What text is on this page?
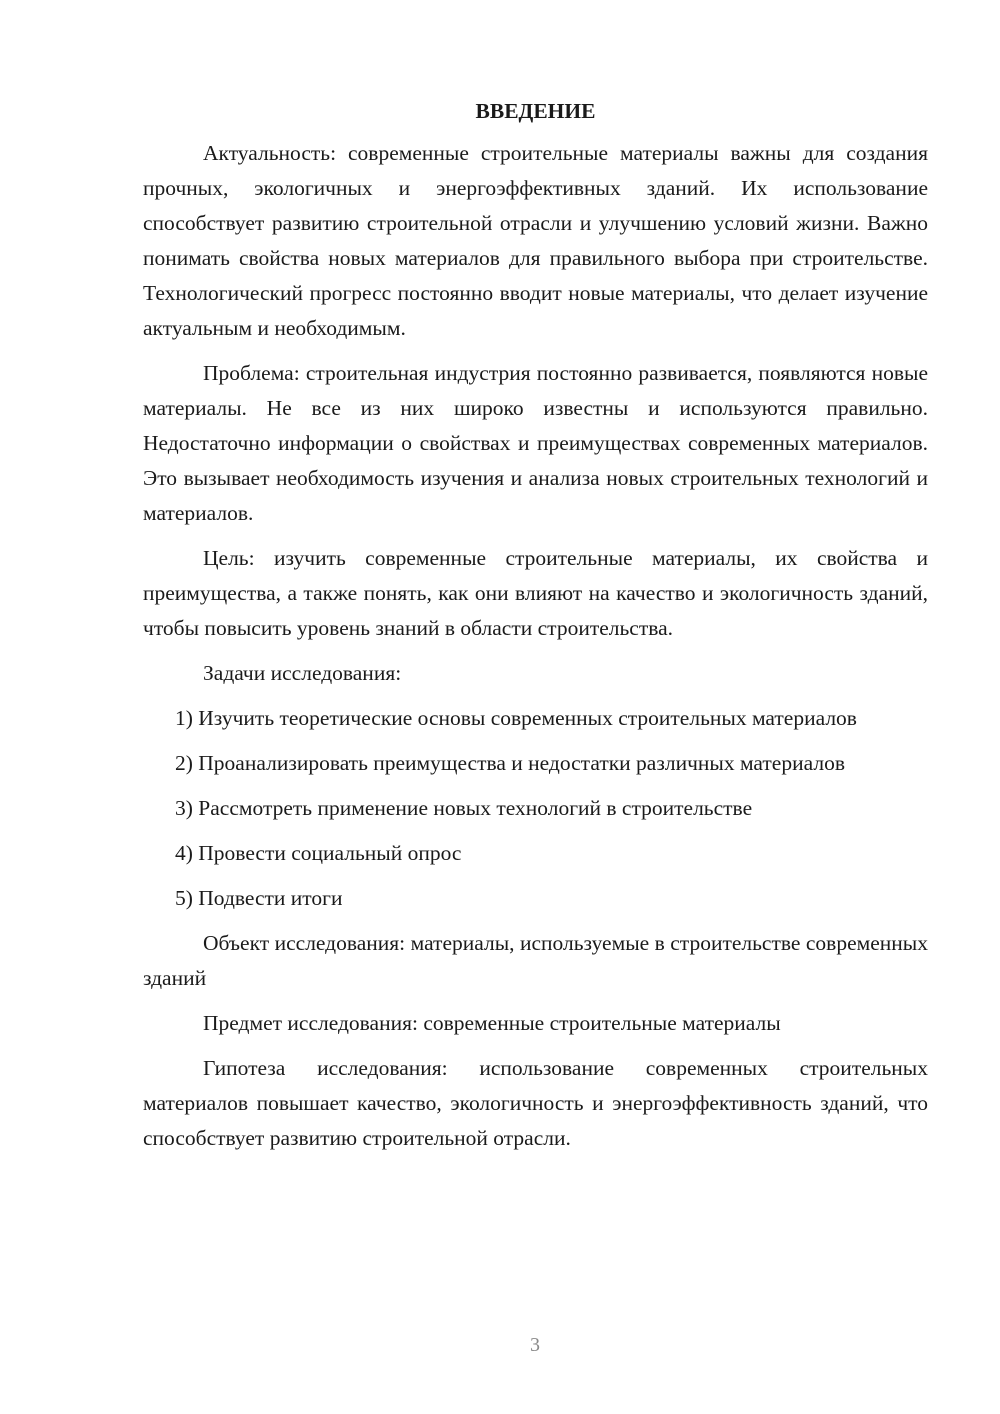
ВВЕДЕНИЕ

Актуальность: современные строительные материалы важны для создания прочных, экологичных и энергоэффективных зданий. Их использование способствует развитию строительной отрасли и улучшению условий жизни. Важно понимать свойства новых материалов для правильного выбора при строительстве. Технологический прогресс постоянно вводит новые материалы, что делает изучение актуальным и необходимым.

Проблема: строительная индустрия постоянно развивается, появляются новые материалы. Не все из них широко известны и используются правильно. Недостаточно информации о свойствах и преимуществах современных материалов. Это вызывает необходимость изучения и анализа новых строительных технологий и материалов.

Цель: изучить современные строительные материалы, их свойства и преимущества, а также понять, как они влияют на качество и экологичность зданий, чтобы повысить уровень знаний в области строительства.

Задачи исследования:

1) Изучить теоретические основы современных строительных материалов

2) Проанализировать преимущества и недостатки различных материалов

3) Рассмотреть применение новых технологий в строительстве

4) Провести социальный опрос

5) Подвести итоги

Объект исследования: материалы, используемые в строительстве современных зданий

Предмет исследования: современные строительные материалы

Гипотеза исследования: использование современных строительных материалов повышает качество, экологичность и энергоэффективность зданий, что способствует развитию строительной отрасли.

3
